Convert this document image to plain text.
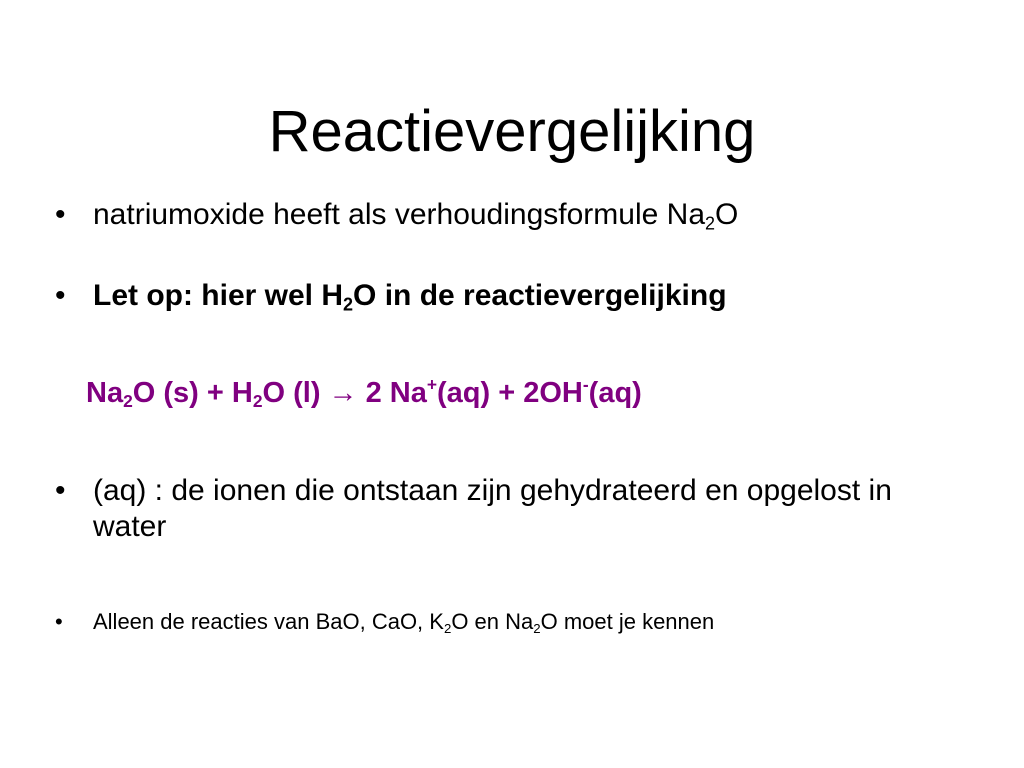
Reactievergelijking
• natriumoxide heeft als verhoudingsformule $Na_2O$
• Let op: hier wel $H_2O$ in de reactievergelijking
$Na_2O$ $(s) + H_2O$ (l) → 2 Na+(aq) + 2OH-(aq)
• (aq) : de ionen die ontstaan zijn gehydrateerd en opgelost in water
•	Alleen de reacties van BaO, CaO, $K_2O$ en $Na_2O$ moet je kennen
